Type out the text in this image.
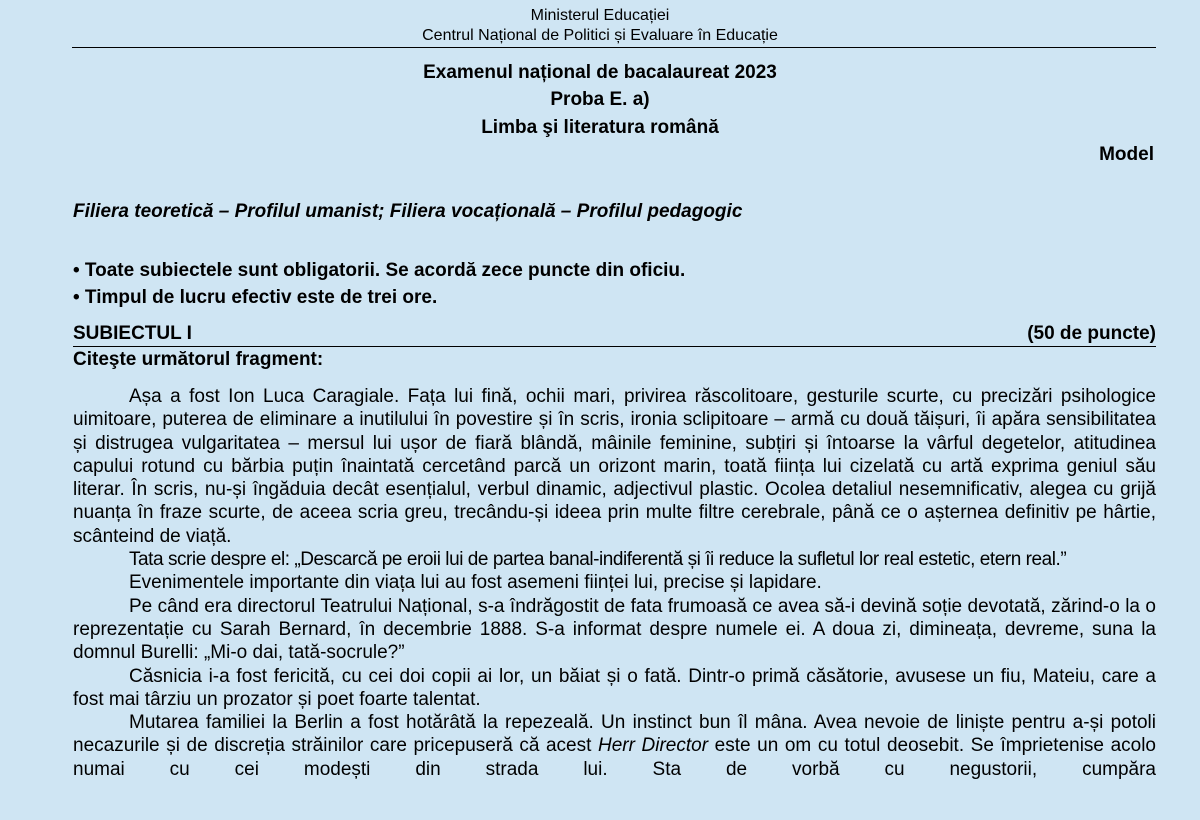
Ministerul Educației
Centrul Național de Politici și Evaluare în Educație
Examenul național de bacalaureat 2023
Proba E. a)
Limba şi literatura română
Model
Filiera teoretică – Profilul umanist; Filiera vocațională – Profilul pedagogic
• Toate subiectele sunt obligatorii. Se acordă zece puncte din oficiu.
• Timpul de lucru efectiv este de trei ore.
SUBIECTUL I	(50 de puncte)
Citeşte următorul fragment:

Așa a fost Ion Luca Caragiale. Fața lui fină, ochii mari, privirea răscolitoare, gesturile scurte, cu precizări psihologice uimitoare, puterea de eliminare a inutilului în povestire și în scris, ironia sclipitoare – armă cu două tăișuri, îi apăra sensibilitatea și distrugea vulgaritatea – mersul lui ușor de fiară blândă, mâinile feminine, subțiri și întoarse la vârful degetelor, atitudinea capului rotund cu bărbia puțin înaintată cercetând parcă un orizont marin, toată ființa lui cizelată cu artă exprima geniul său literar. În scris, nu-și îngăduia decât esențialul, verbul dinamic, adjectivul plastic. Ocolea detaliul nesemnificativ, alegea cu grijă nuanța în fraze scurte, de aceea scria greu, trecându-și ideea prin multe filtre cerebrale, până ce o așternea definitiv pe hârtie, scânteind de viață.

Tata scrie despre el: „Descarcă pe eroii lui de partea banal-indiferentă și îi reduce la sufletul lor real estetic, etern real.”

Evenimentele importante din viața lui au fost asemeni ființei lui, precise și lapidare.

Pe când era directorul Teatrului Național, s-a îndrăgostit de fata frumoasă ce avea să-i devină soție devotată, zărind-o la o reprezentație cu Sarah Bernard, în decembrie 1888. S-a informat despre numele ei. A doua zi, dimineața, devreme, suna la domnul Burelli: „Mi-o dai, tată-socrule?”

Căsnicia i-a fost fericită, cu cei doi copii ai lor, un băiat și o fată. Dintr-o primă căsătorie, avusese un fiu, Mateiu, care a fost mai târziu un prozator și poet foarte talentat.

Mutarea familiei la Berlin a fost hotărâtă la repezeală. Un instinct bun îl mâna. Avea nevoie de liniște pentru a-și potoli necazurile și de discreția străinilor care pricepuseră că acest Herr Director este un om cu totul deosebit. Se împrietenise acolo numai cu cei modești din strada lui. Sta de vorbă cu negustorii, cumpăra
